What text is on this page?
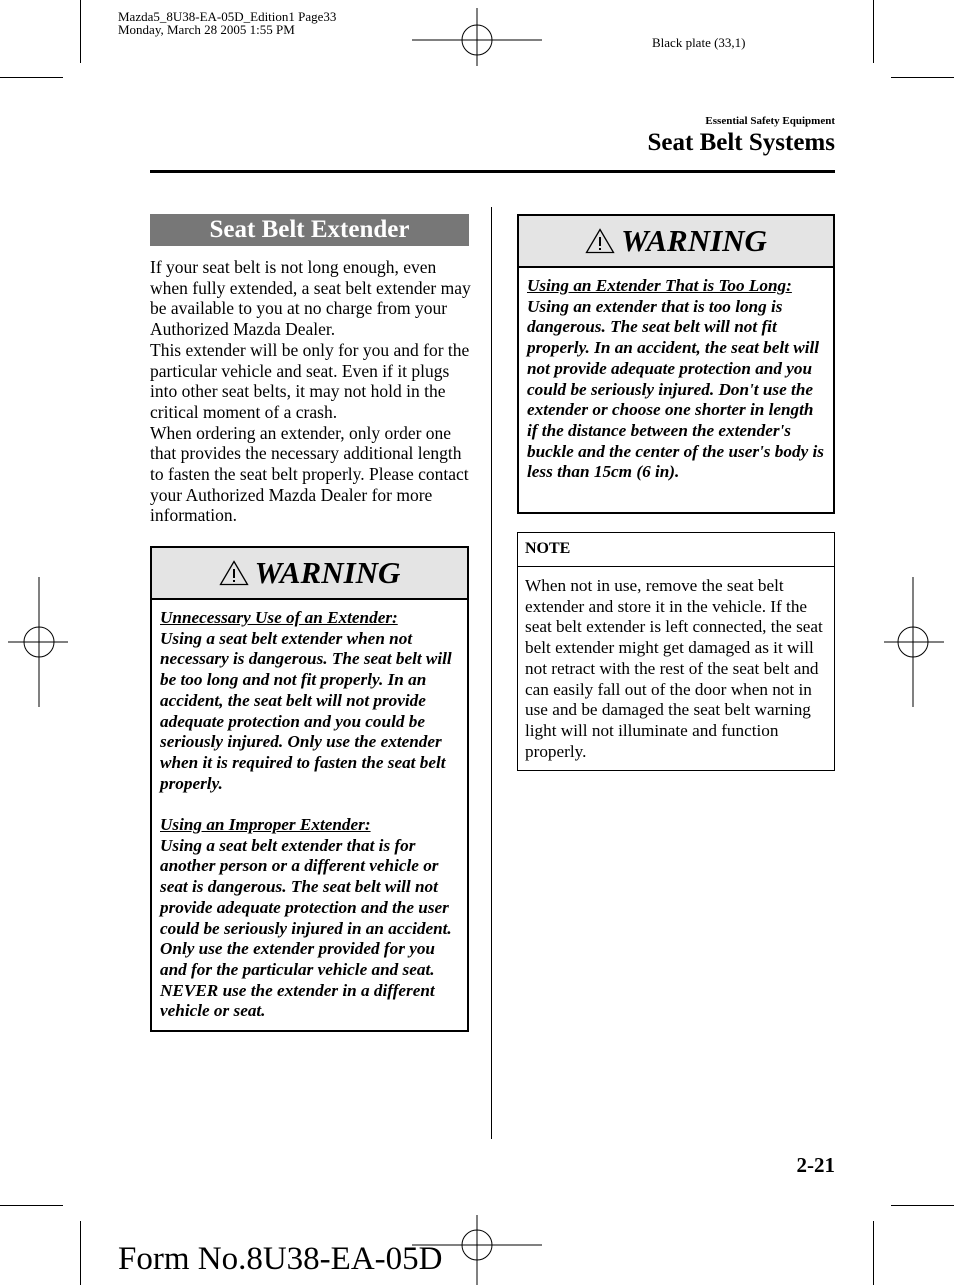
Mazda5_8U38-EA-05D_Edition1 Page33
Monday, March 28 2005 1:55 PM
Black plate (33,1)
Essential Safety Equipment
Seat Belt Systems
Seat Belt Extender

If your seat belt is not long enough, even when fully extended, a seat belt extender may be available to you at no charge from your Authorized Mazda Dealer.

This extender will be only for you and for the particular vehicle and seat. Even if it plugs into other seat belts, it may not hold in the critical moment of a crash.

When ordering an extender, only order one that provides the necessary additional length to fasten the seat belt properly. Please contact your Authorized Mazda Dealer for more information.

WARNING

Unnecessary Use of an Extender:

Using a seat belt extender when not necessary is dangerous. The seat belt will be too long and not fit properly. In an accident, the seat belt will not provide adequate protection and you could be seriously injured. Only use the extender when it is required to fasten the seat belt properly.

Using an Improper Extender:

Using a seat belt extender that is for another person or a different vehicle or seat is dangerous. The seat belt will not provide adequate protection and the user could be seriously injured in an accident. Only use the extender provided for you and for the particular vehicle and seat. NEVER use the extender in a different vehicle or seat.

WARNING

Using an Extender That is Too Long:

Using an extender that is too long is dangerous. The seat belt will not fit properly. In an accident, the seat belt will not provide adequate protection and you could be seriously injured. Don't use the extender or choose one shorter in length if the distance between the extender's buckle and the center of the user's body is less than 15cm (6 in).

NOTE
When not in use, remove the seat belt extender and store it in the vehicle. If the seat belt extender is left connected, the seat belt extender might get damaged as it will not retract with the rest of the seat belt and can easily fall out of the door when not in use and be damaged the seat belt warning light will not illuminate and function properly.
2-21
Form No.8U38-EA-05D
